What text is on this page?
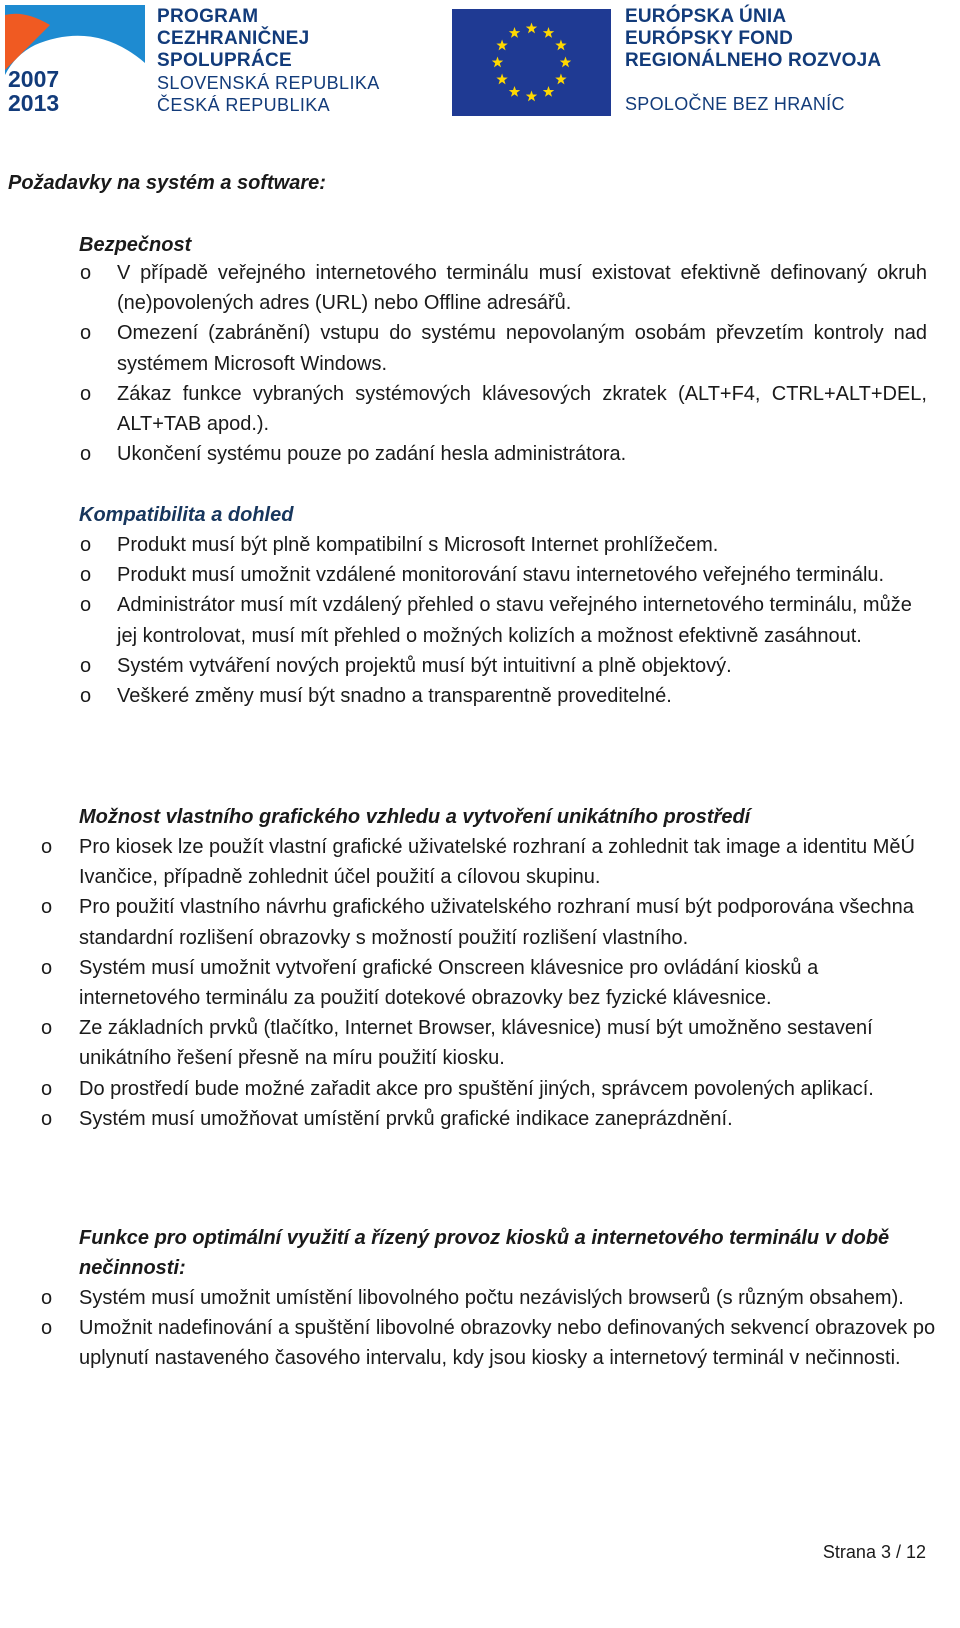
2007
2013
PROGRAM
CEZHRANIČNEJ
SPOLUPRÁCE
SLOVENSKÁ REPUBLIKA
ČESKÁ REPUBLIKA
EURÓPSKA ÚNIA
EURÓPSKY FOND
REGIONÁLNEHO ROZVOJA
SPOLOČNE BEZ HRANÍC
Požadavky na systém a software:
Bezpečnost
o V případě veřejného internetového terminálu musí existovat efektivně definovaný okruh (ne)povolených adres (URL) nebo Offline adresářů.
o Omezení (zabránění) vstupu do systému nepovolaným osobám převzetím kontroly nad systémem Microsoft Windows.
o Zákaz funkce vybraných systémových klávesových zkratek (ALT+F4, CTRL+ALT+DEL, ALT+TAB apod.).
o Ukončení systému pouze po zadání hesla administrátora.
Kompatibilita a dohled
o Produkt musí být plně kompatibilní s Microsoft Internet prohlížečem.
o Produkt musí umožnit vzdálené monitorování stavu internetového veřejného terminálu.
o Administrátor musí mít vzdálený přehled o stavu veřejného internetového terminálu, může jej kontrolovat, musí mít přehled o možných kolizích a možnost efektivně zasáhnout.
o Systém vytváření nových projektů musí být intuitivní a plně objektový.
o Veškeré změny musí být snadno a transparentně proveditelné.
Možnost vlastního grafického vzhledu a vytvoření unikátního prostředí
o Pro kiosek lze použít vlastní grafické uživatelské rozhraní a zohlednit tak image a identitu MěÚ Ivančice, případně zohlednit účel použití a cílovou skupinu.
o Pro použití vlastního návrhu grafického uživatelského rozhraní musí být podporována všechna standardní rozlišení obrazovky s možností použití rozlišení vlastního.
o Systém musí umožnit vytvoření grafické Onscreen klávesnice pro ovládání kiosků a internetového terminálu za použití dotekové obrazovky bez fyzické klávesnice.
o Ze základních prvků (tlačítko, Internet Browser, klávesnice) musí být umožněno sestavení unikátního řešení přesně na míru použití kiosku.
o Do prostředí bude možné zařadit akce pro spuštění jiných, správcem povolených aplikací.
o Systém musí umožňovat umístění prvků grafické indikace zaneprázdnění.
Funkce pro optimální využití a řízený provoz kiosků a internetového terminálu v době nečinnosti:
o Systém musí umožnit umístění libovolného počtu nezávislých browserů (s různým obsahem).
o Umožnit nadefinování a spuštění libovolné obrazovky nebo definovaných sekvencí obrazovek po uplynutí nastaveného časového intervalu, kdy jsou kiosky a internetový terminál v nečinnosti.
Strana 3 / 12
